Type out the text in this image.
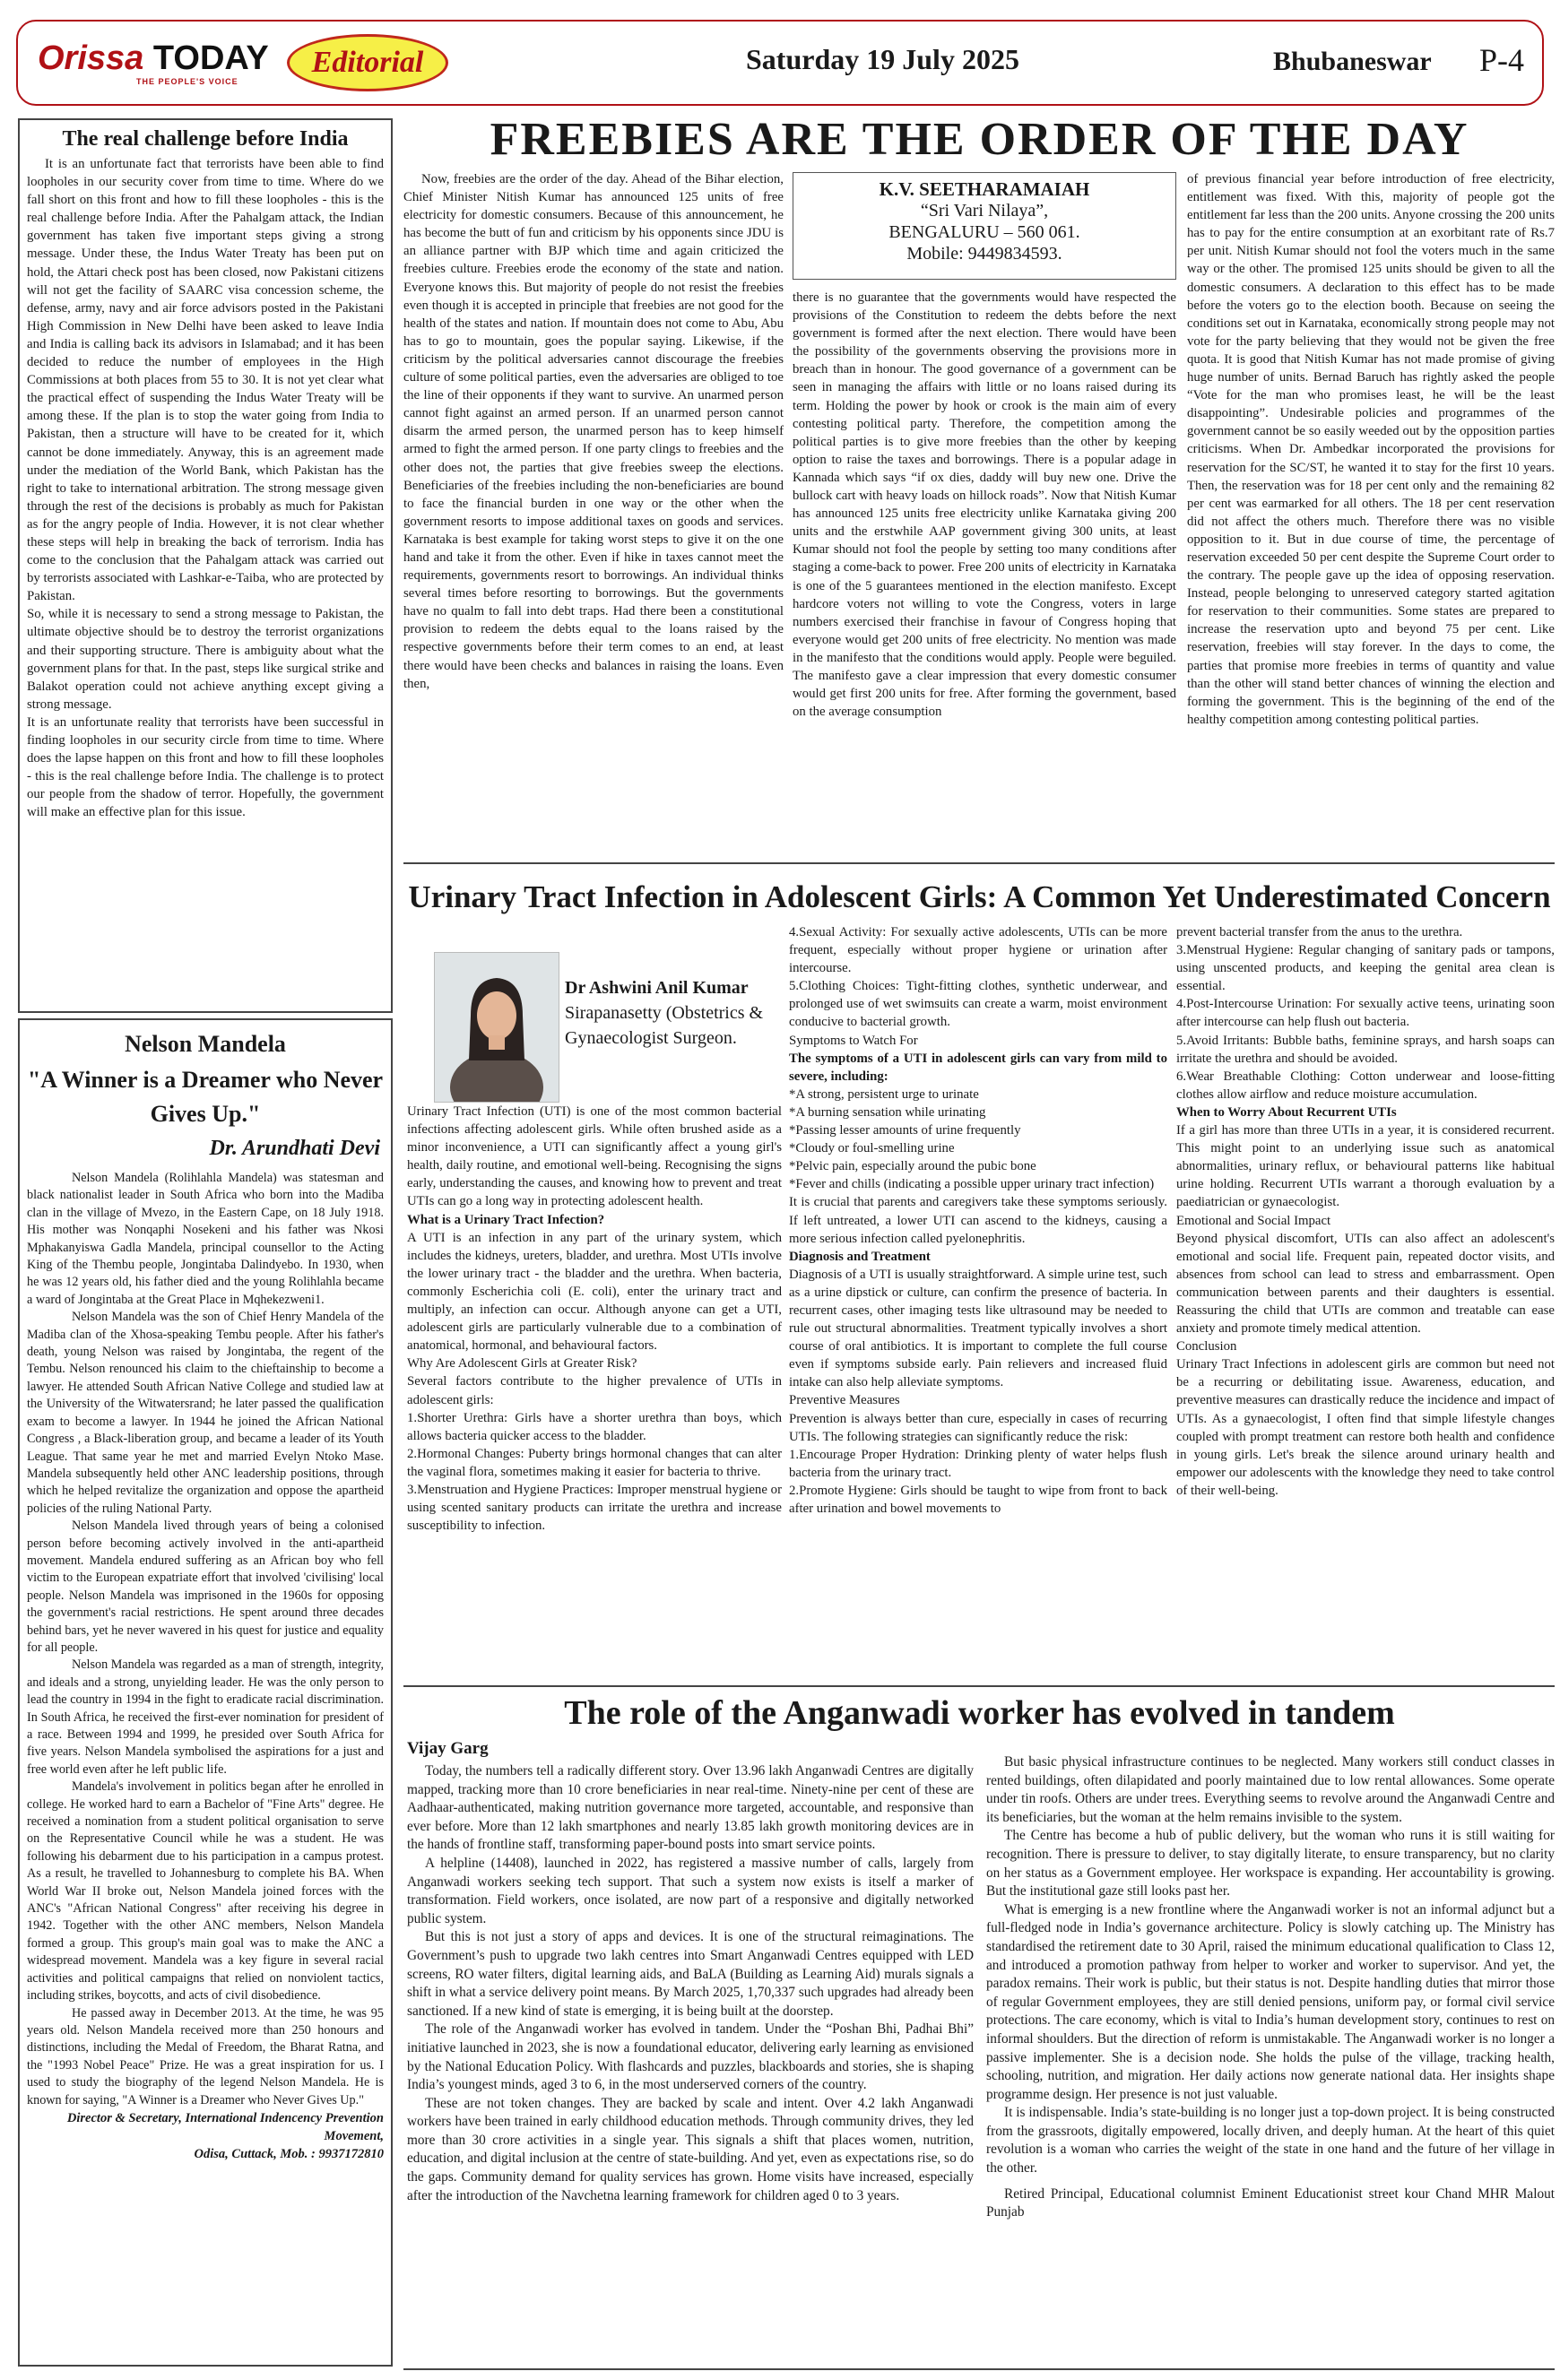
Orissa TODAY
THE PEOPLE'S VOICE
Editorial	Saturday 19 July 2025	Bhubaneswar P-4
The real challenge before India

It is an unfortunate fact that terrorists have been able to find loopholes in our security cover from time to time. Where do we fall short on this front and how to fill these loopholes - this is the real challenge before India. After the Pahalgam attack, the Indian government has taken five important steps giving a strong message. Under these, the Indus Water Treaty has been put on hold, the Attari check post has been closed, now Pakistani citizens will not get the facility of SAARC visa concession scheme, the defense, army, navy and air force advisors posted in the Pakistani High Commission in New Delhi have been asked to leave India and India is calling back its advisors in Islamabad; and it has been decided to reduce the number of employees in the High Commissions at both places from 55 to 30. It is not yet clear what the practical effect of suspending the Indus Water Treaty will be among these. If the plan is to stop the water going from India to Pakistan, then a structure will have to be created for it, which cannot be done immediately. Anyway, this is an agreement made under the mediation of the World Bank, which Pakistan has the right to take to international arbitration. The strong message given through the rest of the decisions is probably as much for Pakistan as for the angry people of India. However, it is not clear whether these steps will help in breaking the back of terrorism. India has come to the conclusion that the Pahalgam attack was carried out by terrorists associated with Lashkar-e-Taiba, who are protected by Pakistan.

So, while it is necessary to send a strong message to Pakistan, the ultimate objective should be to destroy the terrorist organizations and their supporting structure. There is ambiguity about what the government plans for that. In the past, steps like surgical strike and Balakot operation could not achieve anything except giving a strong message.

It is an unfortunate reality that terrorists have been successful in finding loopholes in our security circle from time to time. Where does the lapse happen on this front and how to fill these loopholes - this is the real challenge before India. The challenge is to protect our people from the shadow of terror. Hopefully, the government will make an effective plan for this issue.

Nelson Mandela
"A Winner is a Dreamer who Never Gives Up."
Dr. Arundhati Devi

Nelson Mandela (Rolihlahla Mandela) was statesman and black nationalist leader in South Africa who born into the Madiba clan in the village of Mvezo, in the Eastern Cape, on 18 July 1918. His mother was Nonqaphi Nosekeni and his father was Nkosi Mphakanyiswa Gadla Mandela, principal counsellor to the Acting King of the Thembu people, Jongintaba Dalindyebo. In 1930, when he was 12 years old, his father died and the young Rolihlahla became a ward of Jongintaba at the Great Place in Mqhekezweni1.

Nelson Mandela was the son of Chief Henry Mandela of the Madiba clan of the Xhosa-speaking Tembu people. After his father's death, young Nelson was raised by Jongintaba, the regent of the Tembu. Nelson renounced his claim to the chieftainship to become a lawyer. He attended South African Native College and studied law at the University of the Witwatersrand; he later passed the qualification exam to become a lawyer. In 1944 he joined the African National Congress , a Black-liberation group, and became a leader of its Youth League. That same year he met and married Evelyn Ntoko Mase. Mandela subsequently held other ANC leadership positions, through which he helped revitalize the organization and oppose the apartheid policies of the ruling National Party.

Nelson Mandela lived through years of being a colonised person before becoming actively involved in the anti-apartheid movement. Mandela endured suffering as an African boy who fell victim to the European expatriate effort that involved 'civilising' local people. Nelson Mandela was imprisoned in the 1960s for opposing the government's racial restrictions. He spent around three decades behind bars, yet he never wavered in his quest for justice and equality for all people.

Nelson Mandela was regarded as a man of strength, integrity, and ideals and a strong, unyielding leader. He was the only person to lead the country in 1994 in the fight to eradicate racial discrimination. In South Africa, he received the first-ever nomination for president of a race. Between 1994 and 1999, he presided over South Africa for five years. Nelson Mandela symbolised the aspirations for a just and free world even after he left public life.

Mandela's involvement in politics began after he enrolled in college. He worked hard to earn a Bachelor of "Fine Arts" degree. He received a nomination from a student political organisation to serve on the Representative Council while he was a student. He was following his debarment due to his participation in a campus protest. As a result, he travelled to Johannesburg to complete his BA. When World War II broke out, Nelson Mandela joined forces with the ANC's "African National Congress" after receiving his degree in 1942. Together with the other ANC members, Nelson Mandela formed a group. This group's main goal was to make the ANC a widespread movement. Mandela was a key figure in several racial activities and political campaigns that relied on nonviolent tactics, including strikes, boycotts, and acts of civil disobedience.

He passed away in December 2013. At the time, he was 95 years old. Nelson Mandela received more than 250 honours and distinctions, including the Medal of Freedom, the Bharat Ratna, and the "1993 Nobel Peace" Prize. He was a great inspiration for us. I used to study the biography of the legend Nelson Mandela. He is known for saying, "A Winner is a Dreamer who Never Gives Up."

Director & Secretary, International Indencency Prevention Movement,
Odisa, Cuttack, Mob. : 9937172810
FREEBIES ARE THE ORDER OF THE DAY

Now, freebies are the order of the day. Ahead of the Bihar election, Chief Minister Nitish Kumar has announced 125 units of free electricity for domestic consumers. Because of this announcement, he has become the butt of fun and criticism by his opponents since JDU is an alliance partner with BJP which time and again criticized the freebies culture. Freebies erode the economy of the state and nation. Everyone knows this. But majority of people do not resist the freebies even though it is accepted in principle that freebies are not good for the health of the states and nation. If mountain does not come to Abu, Abu has to go to mountain, goes the popular saying. Likewise, if the criticism by the political adversaries cannot discourage the freebies culture of some political parties, even the adversaries are obliged to toe the line of their opponents if they want to survive. An unarmed person cannot fight against an armed person. If an unarmed person cannot disarm the armed person, the unarmed person has to keep himself armed to fight the armed person. If one party clings to freebies and the other does not, the parties that give freebies sweep the elections. Beneficiaries of the freebies including the non-beneficiaries are bound to face the financial burden in one way or the other when the government resorts to impose additional taxes on goods and services. Karnataka is best example for taking worst steps to give it on the one hand and take it from the other. Even if hike in taxes cannot meet the requirements, governments resort to borrowings. An individual thinks several times before resorting to borrowings. But the governments have no qualm to fall into debt traps. Had there been a constitutional provision to redeem the debts equal to the loans raised by the respective governments before their term comes to an end, at least there would have been checks and balances in raising the loans. Even then,

K.V. SEETHARAMAIAH
“Sri Vari Nilaya”,
BENGALURU – 560 061.
Mobile: 9449834593.

there is no guarantee that the governments would have respected the provisions of the Constitution to redeem the debts before the next government is formed after the next election. There would have been the possibility of the governments observing the provisions more in breach than in honour. The good governance of a government can be seen in managing the affairs with little or no loans raised during its term. Holding the power by hook or crook is the main aim of every contesting political party. Therefore, the competition among the political parties is to give more freebies than the other by keeping option to raise the taxes and borrowings. There is a popular adage in Kannada which says “if ox dies, daddy will buy new one. Drive the bullock cart with heavy loads on hillock roads”. Now that Nitish Kumar has announced 125 units free electricity unlike Karnataka giving 200 units and the erstwhile AAP government giving 300 units, at least Kumar should not fool the people by setting too many conditions after staging a come-back to power. Free 200 units of electricity in Karnataka is one of the 5 guarantees mentioned in the election manifesto. Except hardcore voters not willing to vote the Congress, voters in large numbers exercised their franchise in favour of Congress hoping that everyone would get 200 units of free electricity. No mention was made in the manifesto that the conditions would apply. People were beguiled. The manifesto gave a clear impression that every domestic consumer would get first 200 units for free. After forming the government, based on the average consumption

of previous financial year before introduction of free electricity, entitlement was fixed. With this, majority of people got the entitlement far less than the 200 units. Anyone crossing the 200 units has to pay for the entire consumption at an exorbitant rate of Rs.7 per unit. Nitish Kumar should not fool the voters much in the same way or the other. The promised 125 units should be given to all the domestic consumers. A declaration to this effect has to be made before the voters go to the election booth. Because on seeing the conditions set out in Karnataka, economically strong people may not vote for the party believing that they would not be given the free quota. It is good that Nitish Kumar has not made promise of giving huge number of units. Bernad Baruch has rightly asked the people “Vote for the man who promises least, he will be the least disappointing”. Undesirable policies and programmes of the government cannot be so easily weeded out by the opposition parties criticisms. When Dr. Ambedkar incorporated the provisions for reservation for the SC/ST, he wanted it to stay for the first 10 years. Then, the reservation was for 18 per cent only and the remaining 82 per cent was earmarked for all others. The 18 per cent reservation did not affect the others much. Therefore there was no visible opposition to it. But in due course of time, the percentage of reservation exceeded 50 per cent despite the Supreme Court order to the contrary. The people gave up the idea of opposing reservation. Instead, people belonging to unreserved category started agitation for reservation to their communities. Some states are prepared to increase the reservation upto and beyond 75 per cent. Like reservation, freebies will stay forever. In the days to come, the parties that promise more freebies in terms of quantity and value than the other will stand better chances of winning the election and forming the government. This is the beginning of the end of the healthy competition among contesting political parties.

Urinary Tract Infection in Adolescent Girls: A Common Yet Underestimated Concern
Dr Ashwini Anil Kumar
Sirapanasetty (Obstetrics & Gynaecologist Surgeon.

Urinary Tract Infection (UTI) is one of the most common bacterial infections affecting adolescent girls. While often brushed aside as a minor inconvenience, a UTI can significantly affect a young girl's health, daily routine, and emotional well-being. Recognising the signs early, understanding the causes, and knowing how to prevent and treat UTIs can go a long way in protecting adolescent health.

What is a Urinary Tract Infection?

A UTI is an infection in any part of the urinary system, which includes the kidneys, ureters, bladder, and urethra. Most UTIs involve the lower urinary tract - the bladder and the urethra. When bacteria, commonly Escherichia coli (E. coli), enter the urinary tract and multiply, an infection can occur. Although anyone can get a UTI, adolescent girls are particularly vulnerable due to a combination of anatomical, hormonal, and behavioural factors.

Why Are Adolescent Girls at Greater Risk?

Several factors contribute to the higher prevalence of UTIs in adolescent girls:

1.Shorter Urethra: Girls have a shorter urethra than boys, which allows bacteria quicker access to the bladder.

2.Hormonal Changes: Puberty brings hormonal changes that can alter the vaginal flora, sometimes making it easier for bacteria to thrive.

3.Menstruation and Hygiene Practices: Improper menstrual hygiene or using scented sanitary products can irritate the urethra and increase susceptibility to infection.

4.Sexual Activity: For sexually active adolescents, UTIs can be more frequent, especially without proper hygiene or urination after intercourse.

5.Clothing Choices: Tight-fitting clothes, synthetic underwear, and prolonged use of wet swimsuits can create a warm, moist environment conducive to bacterial growth.

Symptoms to Watch For

The symptoms of a UTI in adolescent girls can vary from mild to severe, including:

*A strong, persistent urge to urinate

*A burning sensation while urinating

*Passing lesser amounts of urine frequently

*Cloudy or foul-smelling urine

*Pelvic pain, especially around the pubic bone

*Fever and chills (indicating a possible upper urinary tract infection)

It is crucial that parents and caregivers take these symptoms seriously. If left untreated, a lower UTI can ascend to the kidneys, causing a more serious infection called pyelonephritis.

Diagnosis and Treatment

Diagnosis of a UTI is usually straightforward. A simple urine test, such as a urine dipstick or culture, can confirm the presence of bacteria. In recurrent cases, other imaging tests like ultrasound may be needed to rule out structural abnormalities. Treatment typically involves a short course of oral antibiotics. It is important to complete the full course even if symptoms subside early. Pain relievers and increased fluid intake can also help alleviate symptoms.

Preventive Measures

Prevention is always better than cure, especially in cases of recurring UTIs. The following strategies can significantly reduce the risk:

1.Encourage Proper Hydration: Drinking plenty of water helps flush bacteria from the urinary tract.

2.Promote Hygiene: Girls should be taught to wipe from front to back after urination and bowel movements to

prevent bacterial transfer from the anus to the urethra.

3.Menstrual Hygiene: Regular changing of sanitary pads or tampons, using unscented products, and keeping the genital area clean is essential.

4.Post-Intercourse Urination: For sexually active teens, urinating soon after intercourse can help flush out bacteria.

5.Avoid Irritants: Bubble baths, feminine sprays, and harsh soaps can irritate the urethra and should be avoided.

6.Wear Breathable Clothing: Cotton underwear and loose-fitting clothes allow airflow and reduce moisture accumulation.

When to Worry About Recurrent UTIs

If a girl has more than three UTIs in a year, it is considered recurrent. This might point to an underlying issue such as anatomical abnormalities, urinary reflux, or behavioural patterns like habitual urine holding. Recurrent UTIs warrant a thorough evaluation by a paediatrician or gynaecologist.

Emotional and Social Impact

Beyond physical discomfort, UTIs can also affect an adolescent's emotional and social life. Frequent pain, repeated doctor visits, and absences from school can lead to stress and embarrassment. Open communication between parents and their daughters is essential. Reassuring the child that UTIs are common and treatable can ease anxiety and promote timely medical attention.

Conclusion

Urinary Tract Infections in adolescent girls are common but need not be a recurring or debilitating issue. Awareness, education, and preventive measures can drastically reduce the incidence and impact of UTIs. As a gynaecologist, I often find that simple lifestyle changes coupled with prompt treatment can restore both health and confidence in young girls. Let's break the silence around urinary health and empower our adolescents with the knowledge they need to take control of their well-being.

The role of the Anganwadi worker has evolved in tandem
Vijay Garg

Today, the numbers tell a radically different story. Over 13.96 lakh Anganwadi Centres are digitally mapped, tracking more than 10 crore beneficiaries in near real-time. Ninety-nine per cent of these are Aadhaar-authenticated, making nutrition governance more targeted, accountable, and responsive than ever before. More than 12 lakh smartphones and nearly 13.85 lakh growth monitoring devices are in the hands of frontline staff, transforming paper-bound posts into smart service points.

A helpline (14408), launched in 2022, has registered a massive number of calls, largely from Anganwadi workers seeking tech support. That such a system now exists is itself a marker of transformation. Field workers, once isolated, are now part of a responsive and digitally networked public system.

But this is not just a story of apps and devices. It is one of the structural reimaginations. The Government’s push to upgrade two lakh centres into Smart Anganwadi Centres equipped with LED screens, RO water filters, digital learning aids, and BaLA (Building as Learning Aid) murals signals a shift in what a service delivery point means. By March 2025, 1,70,337 such upgrades had already been sanctioned. If a new kind of state is emerging, it is being built at the doorstep.

The role of the Anganwadi worker has evolved in tandem. Under the “Poshan Bhi, Padhai Bhi” initiative launched in 2023, she is now a foundational educator, delivering early learning as envisioned by the National Education Policy. With flashcards and puzzles, blackboards and stories, she is shaping India’s youngest minds, aged 3 to 6, in the most underserved corners of the country.

These are not token changes. They are backed by scale and intent. Over 4.2 lakh Anganwadi workers have been trained in early childhood education methods. Through community drives, they led more than 30 crore activities in a single year. This signals a shift that places women, nutrition, education, and digital inclusion at the centre of state-building. And yet, even as expectations rise, so do the gaps. Community demand for quality services has grown. Home visits have increased, especially after the introduction of the Navchetna learning framework for children aged 0 to 3 years.

But basic physical infrastructure continues to be neglected. Many workers still conduct classes in rented buildings, often dilapidated and poorly maintained due to low rental allowances. Some operate under tin roofs. Others are under trees. Everything seems to revolve around the Anganwadi Centre and its beneficiaries, but the woman at the helm remains invisible to the system.

The Centre has become a hub of public delivery, but the woman who runs it is still waiting for recognition. There is pressure to deliver, to stay digitally literate, to ensure transparency, but no clarity on her status as a Government employee. Her workspace is expanding. Her accountability is growing. But the institutional gaze still looks past her.

What is emerging is a new frontline where the Anganwadi worker is not an informal adjunct but a full-fledged node in India’s governance architecture. Policy is slowly catching up. The Ministry has standardised the retirement date to 30 April, raised the minimum educational qualification to Class 12, and introduced a promotion pathway from helper to worker and worker to supervisor. And yet, the paradox remains. Their work is public, but their status is not. Despite handling duties that mirror those of regular Government employees, they are still denied pensions, uniform pay, or formal civil service protections. The care economy, which is vital to India’s human development story, continues to rest on informal shoulders. But the direction of reform is unmistakable. The Anganwadi worker is no longer a passive implementer. She is a decision node. She holds the pulse of the village, tracking health, schooling, nutrition, and migration. Her daily actions now generate national data. Her insights shape programme design. Her presence is not just valuable.

It is indispensable. India’s state-building is no longer just a top-down project. It is being constructed from the grassroots, digitally empowered, locally driven, and deeply human. At the heart of this quiet revolution is a woman who carries the weight of the state in one hand and the future of her village in the other.

Retired Principal, Educational columnist Eminent Educationist street kour Chand MHR Malout Punjab
